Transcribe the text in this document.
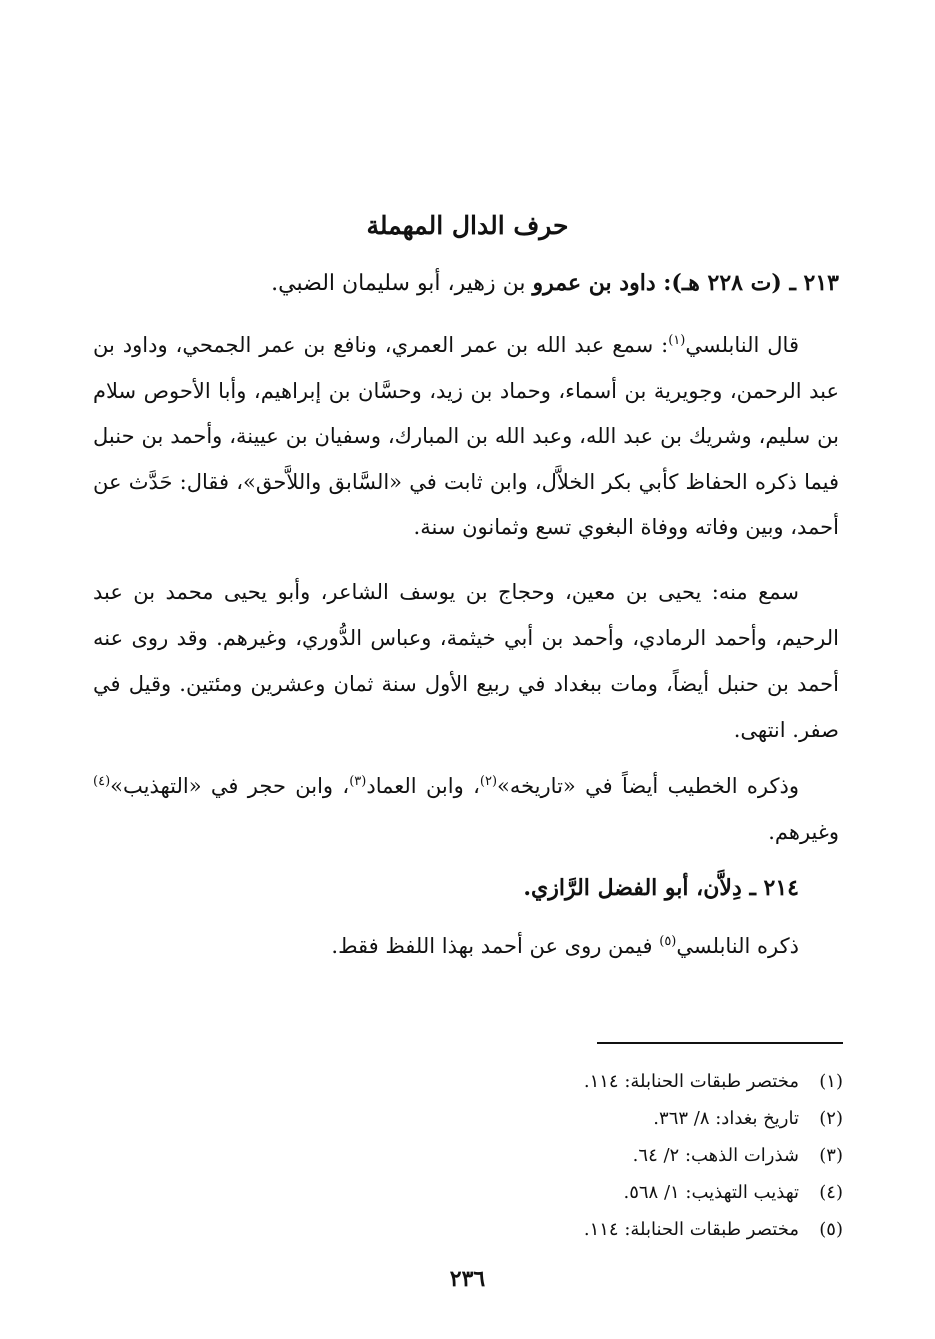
حرف الدال المهملة
٢١٣ ـ (ت ٢٢٨ هـ): داود بن عمرو بن زهير، أبو سليمان الضبي.

قال النابلسي$^{(١)}$: سمع عبد الله بن عمر العمري، ونافع بن عمر الجمحي، وداود بن عبد الرحمن، وجويرية بن أسماء، وحماد بن زيد، وحسَّان بن إبراهيم، وأبا الأحوص سلام بن سليم، وشريك بن عبد الله، وعبد الله بن المبارك، وسفيان بن عيينة، وأحمد بن حنبل فيما ذكره الحفاظ كأبي بكر الخلاَّل، وابن ثابت في «السَّابق واللاَّحق»، فقال: حَدَّث عن أحمد، وبين وفاته ووفاة البغوي تسع وثمانون سنة.

سمع منه: يحيى بن معين، وحجاج بن يوسف الشاعر، وأبو يحيى محمد بن عبد الرحيم، وأحمد الرمادي، وأحمد بن أبي خيثمة، وعباس الدُّوري، وغيرهم. وقد روى عنه أحمد بن حنبل أيضاً، ومات ببغداد في ربيع الأول سنة ثمان وعشرين ومئتين. وقيل في صفر. انتهى.

وذكره الخطيب أيضاً في «تاريخه»$^{(٢)}$، وابن العماد$^{(٣)}$، وابن حجر في «التهذيب»$^{(٤)}$ وغيرهم.

٢١٤ ـ دِلاَّن، أبو الفضل الرَّازي.

ذكره النابلسي$^{(٥)}$ فيمن روى عن أحمد بهذا اللفظ فقط.

(١)
مختصر طبقات الحنابلة: ١١٤.
(٢)
تاريخ بغداد: ٨/ ٣٦٣.
(٣)
شذرات الذهب: ٢/ ٦٤.
(٤)
تهذيب التهذيب: ١/ ٥٦٨.
(٥)
مختصر طبقات الحنابلة: ١١٤.
٢٣٦
